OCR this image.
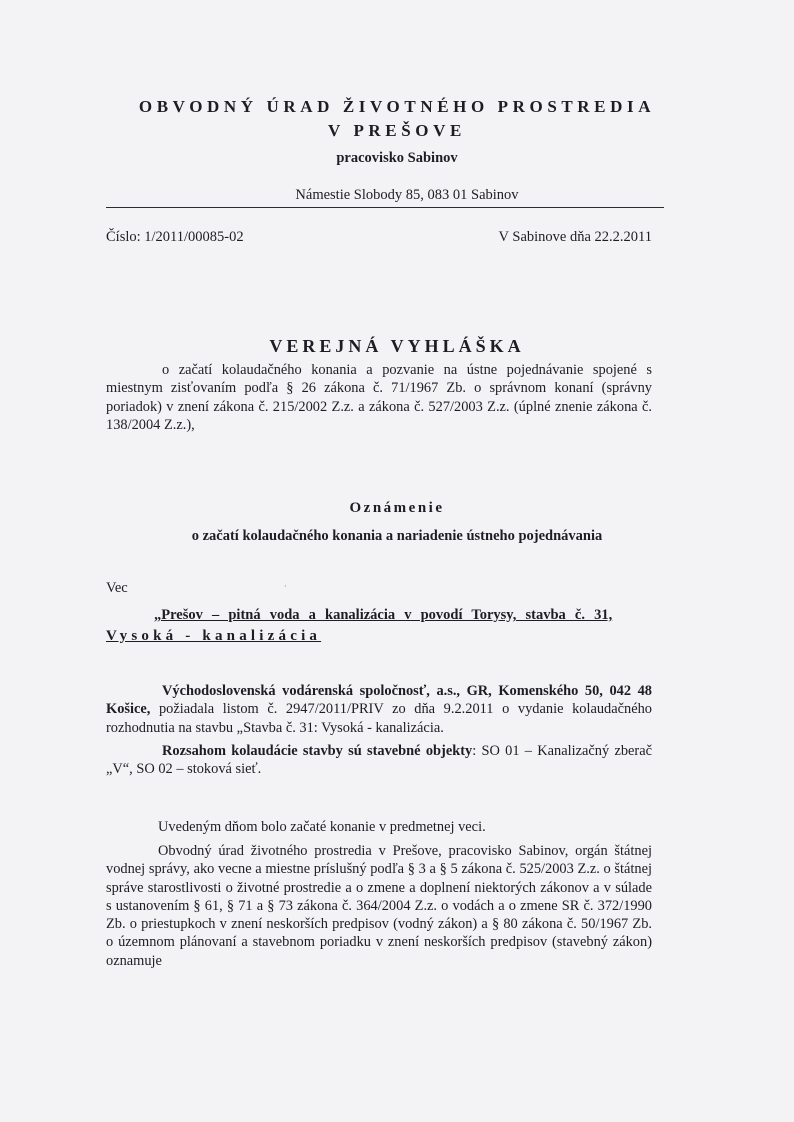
OBVODNÝ ÚRAD ŽIVOTNÉHO PROSTREDIA
V PREŠOVE
pracovisko Sabinov
Námestie Slobody 85, 083 01 Sabinov
Číslo: 1/2011/00085-02	V Sabinove dňa 22.2.2011
VEREJNÁ VYHLÁŠKA
o začatí kolaudačného konania a pozvanie na ústne pojednávanie spojené s miestnym zisťovaním podľa § 26 zákona č. 71/1967 Zb. o správnom konaní (správny poriadok) v znení zákona č. 215/2002 Z.z. a zákona č. 527/2003 Z.z. (úplné znenie zákona č. 138/2004 Z.z.),
Oznámenie
o začatí kolaudačného konania a nariadenie ústneho pojednávania
Vec	ˌ
„Prešov – pitná voda a kanalizácia v povodí Torysy, stavba č. 31,
Vysoká - kanalizácia
Východoslovenská vodárenská spoločnosť, a.s., GR, Komenského 50, 042 48 Košice, požiadala listom č. 2947/2011/PRIV zo dňa 9.2.2011 o vydanie kolaudačného rozhodnutia na stavbu „Stavba č. 31: Vysoká - kanalizácia.
Rozsahom kolaudácie stavby sú stavebné objekty: SO 01 – Kanalizačný zberač „V“, SO 02 – stoková sieť.
Uvedeným dňom bolo začaté konanie v predmetnej veci.
Obvodný úrad životného prostredia v Prešove, pracovisko Sabinov, orgán štátnej vodnej správy, ako vecne a miestne príslušný podľa § 3 a § 5 zákona č. 525/2003 Z.z. o štátnej správe starostlivosti o životné prostredie a o zmene a doplnení niektorých zákonov a v súlade s ustanovením § 61, § 71 a § 73 zákona č. 364/2004 Z.z. o vodách a o zmene SR č. 372/1990 Zb. o priestupkoch v znení neskorších predpisov (vodný zákon) a § 80 zákona č. 50/1967 Zb. o územnom plánovaní a stavebnom poriadku v znení neskorších predpisov (stavebný zákon) oznamuje
